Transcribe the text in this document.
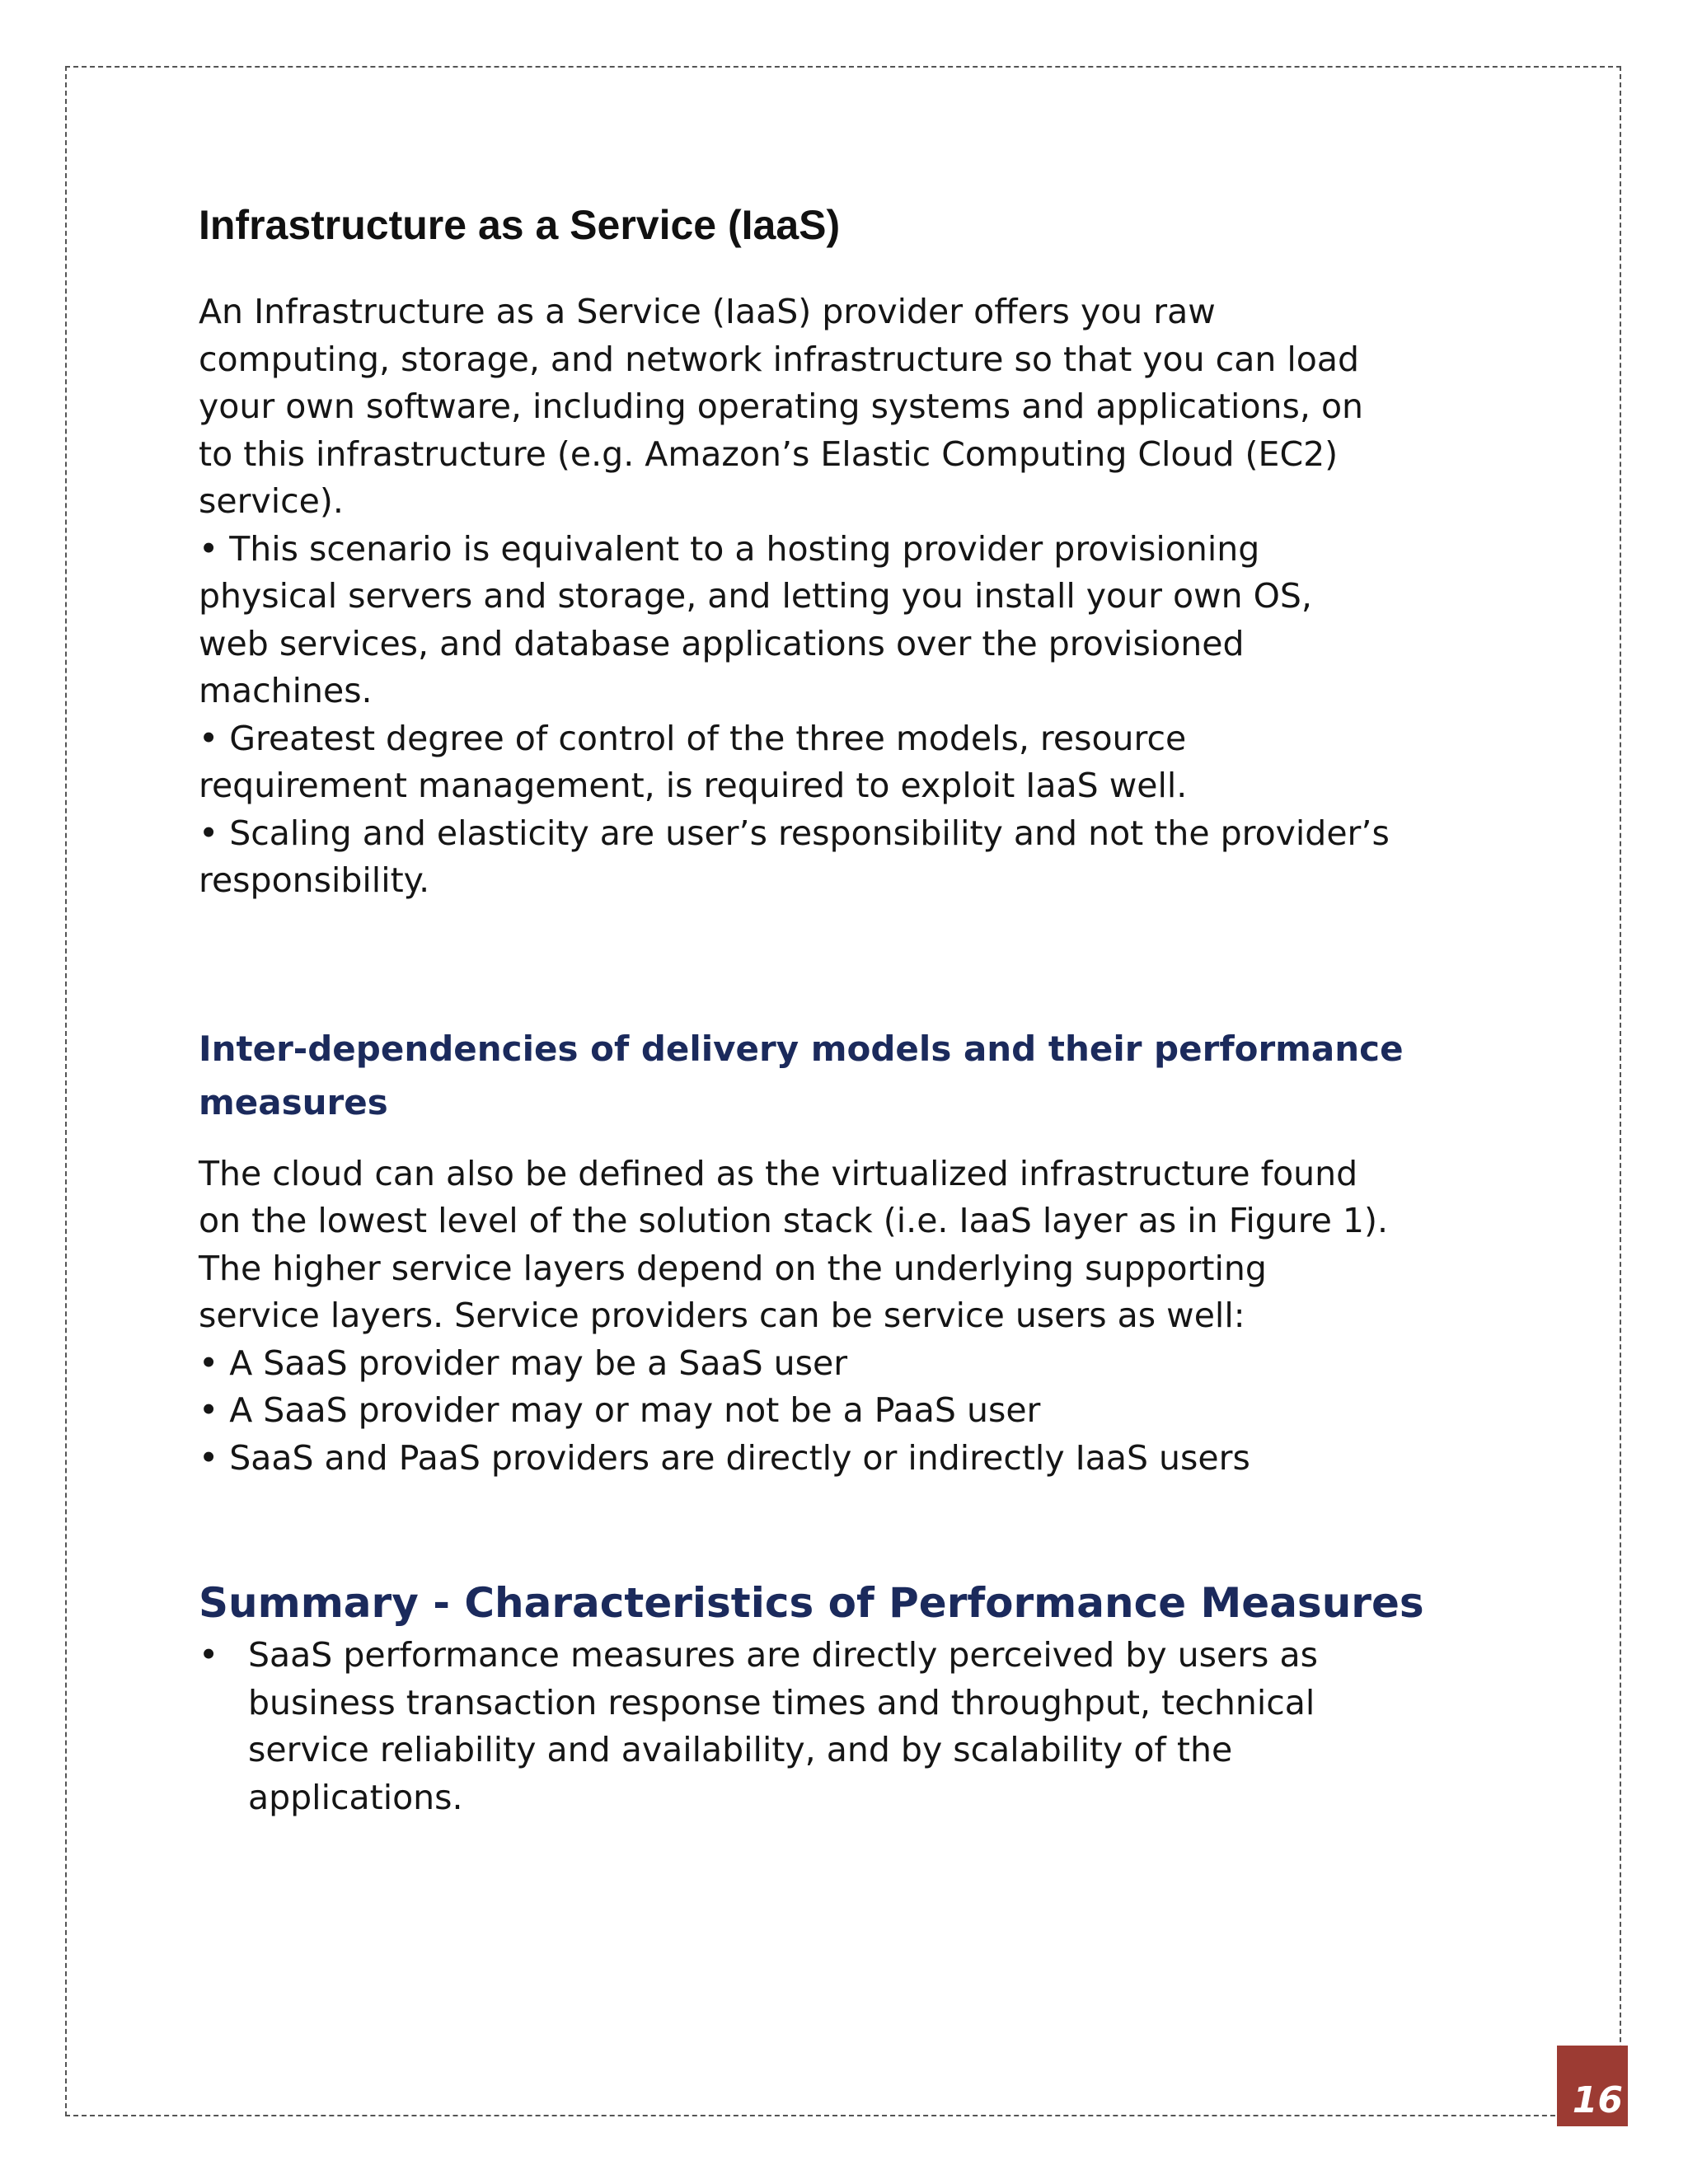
Infrastructure as a Service (IaaS)
An Infrastructure as a Service (IaaS) provider offers you raw
computing, storage, and network infrastructure so that you can load
your own software, including operating systems and applications, on
to this infrastructure (e.g. Amazon’s Elastic Computing Cloud (EC2)
service).
• This scenario is equivalent to a hosting provider provisioning
physical servers and storage, and letting you install your own OS,
web services, and database applications over the provisioned
machines.
• Greatest degree of control of the three models, resource
requirement management, is required to exploit IaaS well.
• Scaling and elasticity are user’s responsibility and not the provider’s
responsibility.
Inter-dependencies of delivery models and their performance
measures
The cloud can also be defined as the virtualized infrastructure found
on the lowest level of the solution stack (i.e. IaaS layer as in Figure 1).
The higher service layers depend on the underlying supporting
service layers. Service providers can be service users as well:
• A SaaS provider may be a SaaS user
• A SaaS provider may or may not be a PaaS user
• SaaS and PaaS providers are directly or indirectly IaaS users
Summary - Characteristics of Performance Measures
• SaaS performance measures are directly perceived by users as
business transaction response times and throughput, technical
service reliability and availability, and by scalability of the
applications.
16
